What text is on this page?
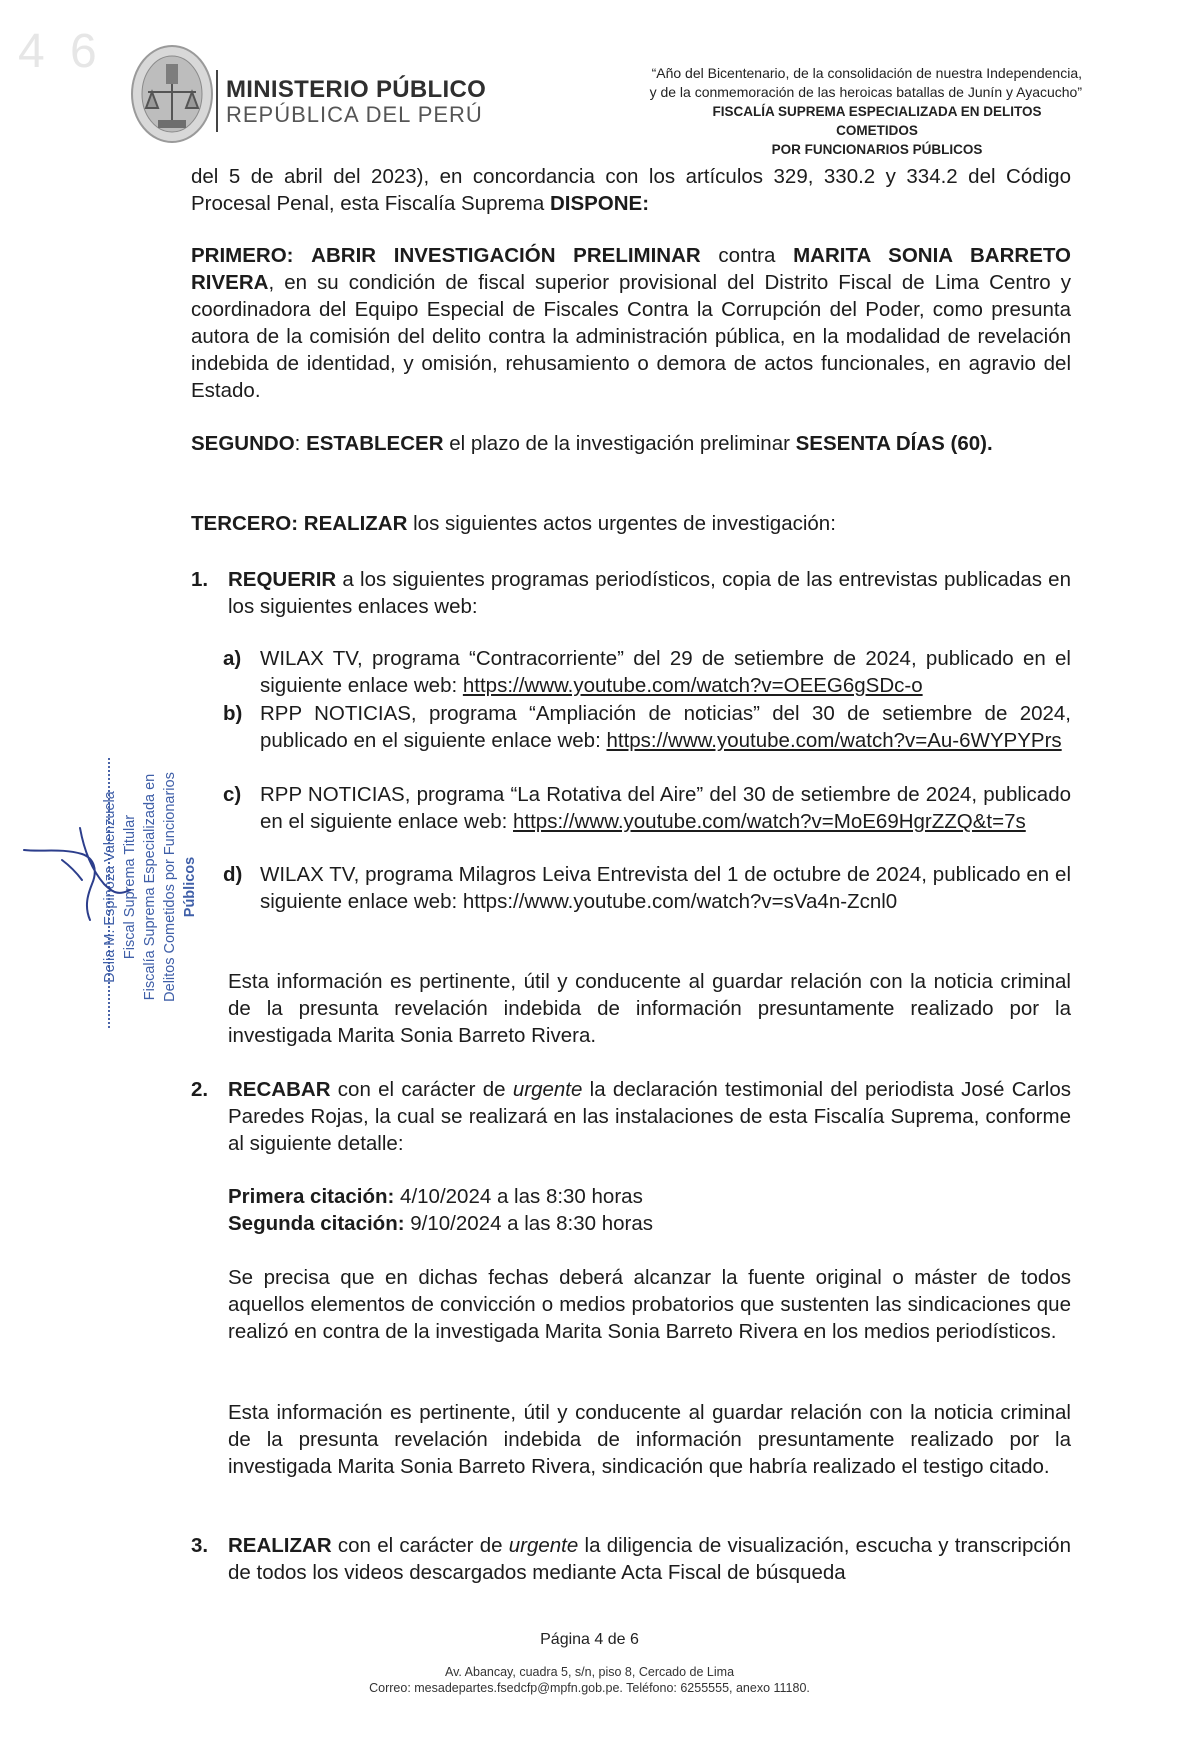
4 6
MINISTERIO PÚBLICO
REPÚBLICA DEL PERÚ
“Año del Bicentenario, de la consolidación de nuestra Independencia,
y de la conmemoración de las heroicas batallas de Junín y Ayacucho”
FISCALÍA SUPREMA ESPECIALIZADA EN DELITOS COMETIDOS
POR FUNCIONARIOS PÚBLICOS
del 5 de abril del 2023), en concordancia con los artículos 329, 330.2 y 334.2 del Código Procesal Penal, esta Fiscalía Suprema DISPONE:
PRIMERO: ABRIR INVESTIGACIÓN PRELIMINAR contra MARITA SONIA BARRETO RIVERA, en su condición de fiscal superior provisional del Distrito Fiscal de Lima Centro y coordinadora del Equipo Especial de Fiscales Contra la Corrupción del Poder, como presunta autora de la comisión del delito contra la administración pública, en la modalidad de revelación indebida de identidad, y omisión, rehusamiento o demora de actos funcionales, en agravio del Estado.
SEGUNDO: ESTABLECER el plazo de la investigación preliminar SESENTA DÍAS (60).
TERCERO: REALIZAR los siguientes actos urgentes de investigación:
1. REQUERIR a los siguientes programas periodísticos, copia de las entrevistas publicadas en los siguientes enlaces web:
a) WILAX TV, programa “Contracorriente” del 29 de setiembre de 2024, publicado en el siguiente enlace web: https://www.youtube.com/watch?v=OEEG6gSDc-o
b) RPP NOTICIAS, programa “Ampliación de noticias” del 30 de setiembre de 2024, publicado en el siguiente enlace web: https://www.youtube.com/watch?v=Au-6WYPYPrs
c) RPP NOTICIAS, programa “La Rotativa del Aire” del 30 de setiembre de 2024, publicado en el siguiente enlace web: https://www.youtube.com/watch?v=MoE69HgrZZQ&t=7s
d) WILAX TV, programa Milagros Leiva Entrevista del 1 de octubre de 2024, publicado en el siguiente enlace web: https://www.youtube.com/watch?v=sVa4n-Zcnl0
Esta información es pertinente, útil y conducente al guardar relación con la noticia criminal de la presunta revelación indebida de información presuntamente realizado por la investigada Marita Sonia Barreto Rivera.
2. RECABAR con el carácter de urgente la declaración testimonial del periodista José Carlos Paredes Rojas, la cual se realizará en las instalaciones de esta Fiscalía Suprema, conforme al siguiente detalle:
Primera citación: 4/10/2024 a las 8:30 horas
Segunda citación: 9/10/2024 a las 8:30 horas
Se precisa que en dichas fechas deberá alcanzar la fuente original o máster de todos aquellos elementos de convicción o medios probatorios que sustenten las sindicaciones que realizó en contra de la investigada Marita Sonia Barreto Rivera en los medios periodísticos.
Esta información es pertinente, útil y conducente al guardar relación con la noticia criminal de la presunta revelación indebida de información presuntamente realizado por la investigada Marita Sonia Barreto Rivera, sindicación que habría realizado el testigo citado.
3. REALIZAR con el carácter de urgente la diligencia de visualización, escucha y transcripción de todos los videos descargados mediante Acta Fiscal de búsqueda
Delia M. Espinoza Valenzuela Fiscal Suprema Titular Fiscalía Suprema Especializada en Delitos Cometidos por Funcionarios Públicos
Página 4 de 6
Av. Abancay, cuadra 5, s/n, piso 8, Cercado de Lima
Correo: mesadepartes.fsedcfp@mpfn.gob.pe. Teléfono: 6255555, anexo 11180.
